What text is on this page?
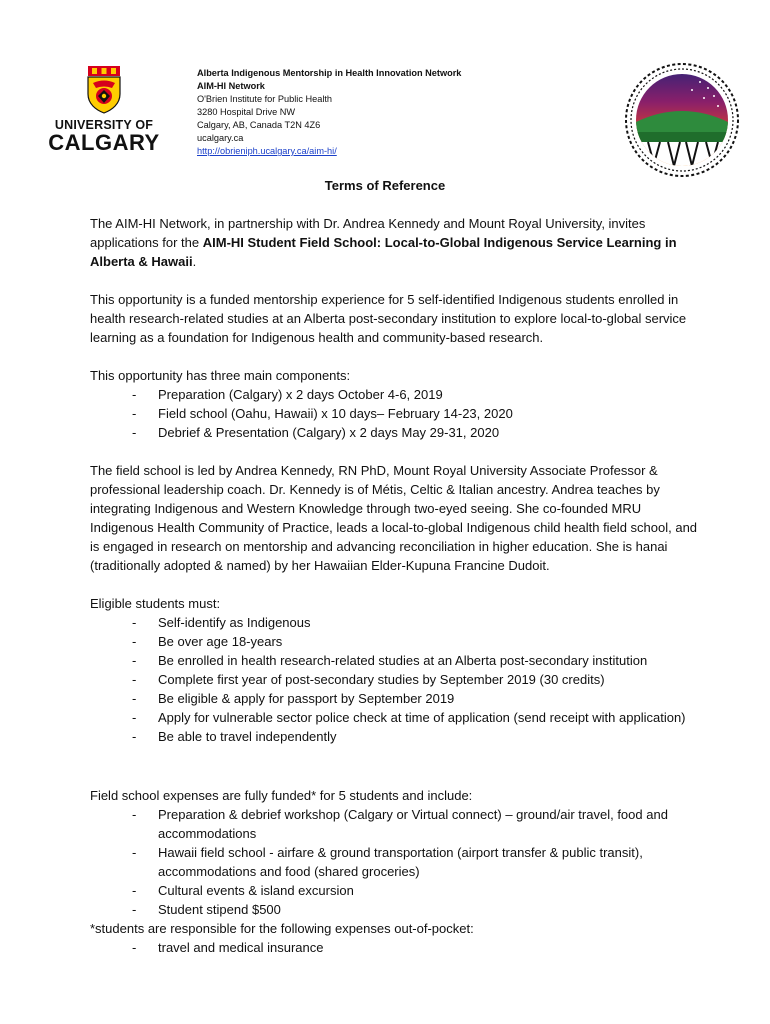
UNIVERSITY OF
CALGARY
Alberta Indigenous Mentorship in Health Innovation Network
AIM-HI Network
O'Brien Institute for Public Health
3280 Hospital Drive NW
Calgary, AB, Canada T2N 4Z6
ucalgary.ca
http://obrieniph.ucalgary.ca/aim-hi/
Terms of Reference
The AIM-HI Network, in partnership with Dr. Andrea Kennedy and Mount Royal University, invites applications for the AIM-HI Student Field School: Local-to-Global Indigenous Service Learning in Alberta & Hawaii.
This opportunity is a funded mentorship experience for 5 self-identified Indigenous students enrolled in health research-related studies at an Alberta post-secondary institution to explore local-to-global service learning as a foundation for Indigenous health and community-based research.
This opportunity has three main components:
- Preparation (Calgary) x 2 days October 4-6, 2019
- Field school (Oahu, Hawaii) x 10 days– February 14-23, 2020
- Debrief & Presentation (Calgary) x 2 days May 29-31, 2020
The field school is led by Andrea Kennedy, RN PhD, Mount Royal University Associate Professor & professional leadership coach. Dr. Kennedy is of Métis, Celtic & Italian ancestry. Andrea teaches by integrating Indigenous and Western Knowledge through two-eyed seeing. She co-founded MRU Indigenous Health Community of Practice, leads a local-to-global Indigenous child health field school, and is engaged in research on mentorship and advancing reconciliation in higher education. She is hanai (traditionally adopted & named) by her Hawaiian Elder-Kupuna Francine Dudoit.
Eligible students must:
- Self-identify as Indigenous
- Be over age 18-years
- Be enrolled in health research-related studies at an Alberta post-secondary institution
- Complete first year of post-secondary studies by September 2019 (30 credits)
- Be eligible & apply for passport by September 2019
- Apply for vulnerable sector police check at time of application (send receipt with application)
- Be able to travel independently
Field school expenses are fully funded* for 5 students and include:
- Preparation & debrief workshop (Calgary or Virtual connect) – ground/air travel, food and accommodations
- Hawaii field school - airfare & ground transportation (airport transfer & public transit), accommodations and food (shared groceries)
- Cultural events & island excursion
- Student stipend $500
*students are responsible for the following expenses out-of-pocket:
- travel and medical insurance
